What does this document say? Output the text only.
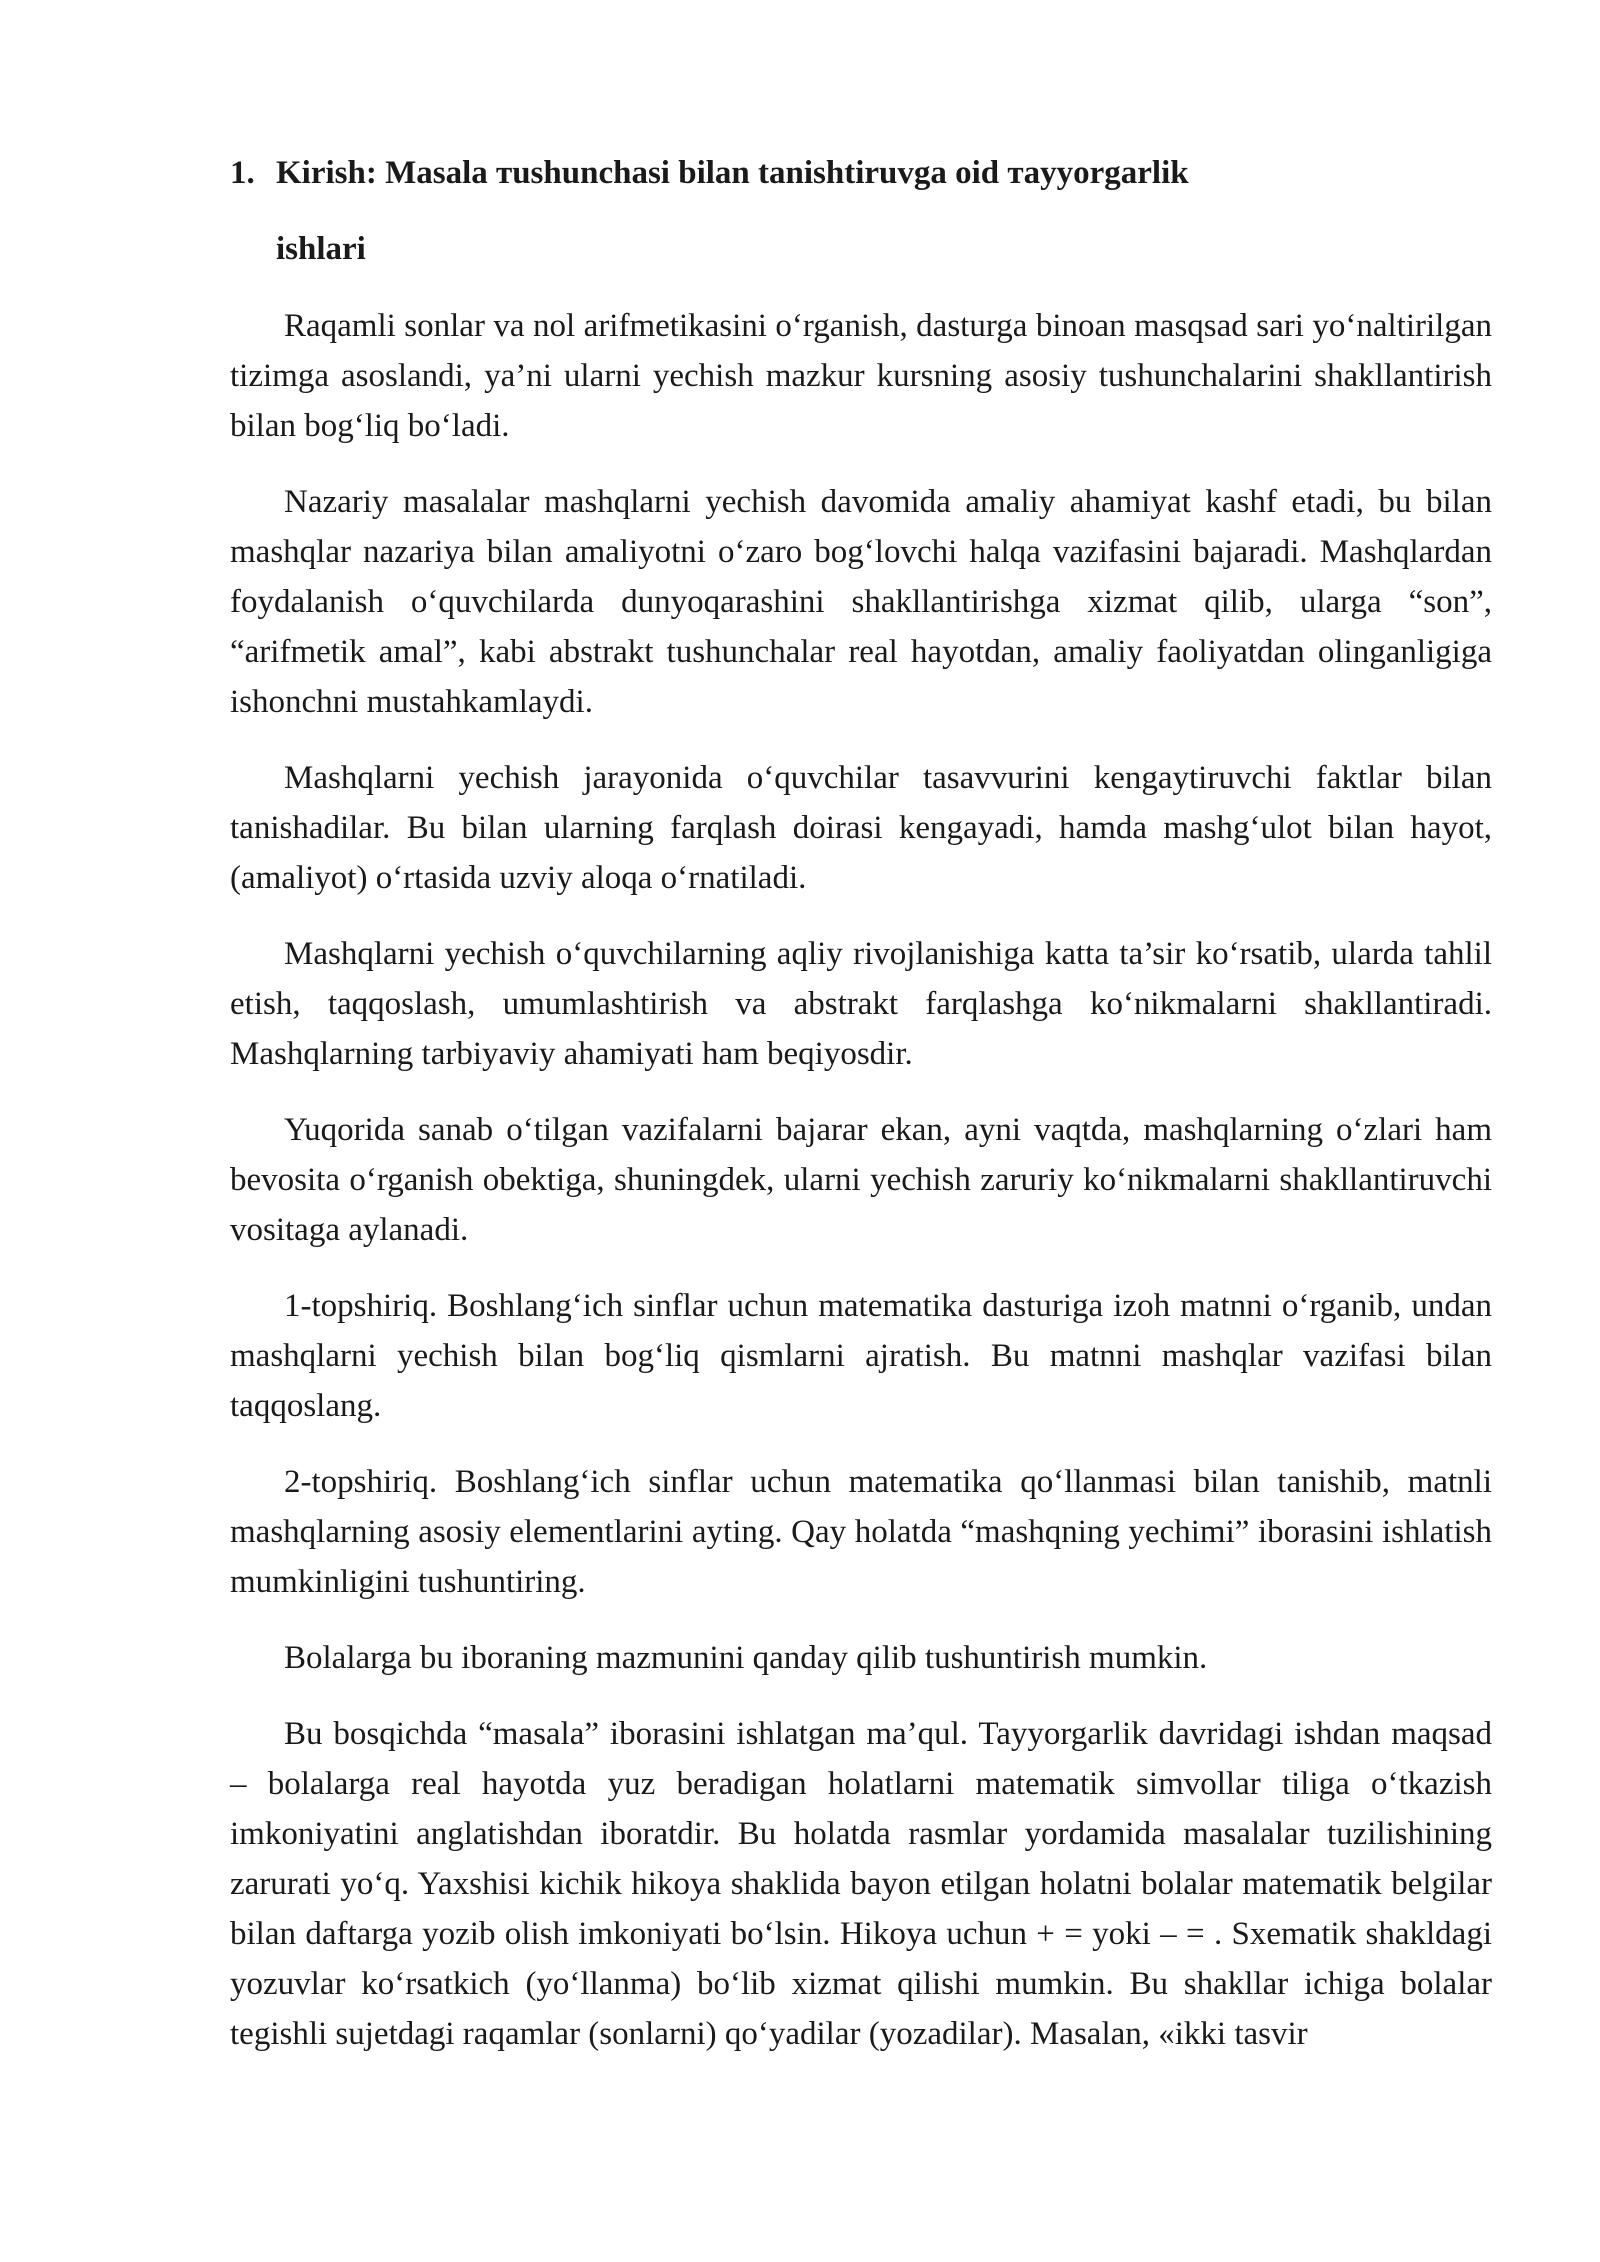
1. Kirish: Masala тushunchasi bilan tanishtiruvga oid тayyorgarlik
ishlari

Raqamli sonlar va nol arifmetikasini o‘rganish, dasturga binoan masqsad sari yo‘naltirilgan tizimga asoslandi, ya’ni ularni yechish mazkur kursning asosiy tushunchalarini shakllantirish bilan bog‘liq bo‘ladi.

Nazariy masalalar mashqlarni yechish davomida amaliy ahamiyat kashf etadi, bu bilan mashqlar nazariya bilan amaliyotni o‘zaro bog‘lovchi halqa vazifasini bajaradi. Mashqlardan foydalanish o‘quvchilarda dunyoqarashini shakllantirishga xizmat qilib, ularga “son”, “arifmetik amal”, kabi abstrakt tushunchalar real hayotdan, amaliy faoliyatdan olinganligiga ishonchni mustahkamlaydi.

Mashqlarni yechish jarayonida o‘quvchilar tasavvurini kengaytiruvchi faktlar bilan tanishadilar. Bu bilan ularning farqlash doirasi kengayadi, hamda mashg‘ulot bilan hayot, (amaliyot) o‘rtasida uzviy aloqa o‘rnatiladi.

Mashqlarni yechish o‘quvchilarning aqliy rivojlanishiga katta ta’sir ko‘rsatib, ularda tahlil etish, taqqoslash, umumlashtirish va abstrakt farqlashga ko‘nikmalarni shakllantiradi. Mashqlarning tarbiyaviy ahamiyati ham beqiyosdir.

Yuqorida sanab o‘tilgan vazifalarni bajarar ekan, ayni vaqtda, mashqlarning o‘zlari ham bevosita o‘rganish obektiga, shuningdek, ularni yechish zaruriy ko‘nikmalarni shakllantiruvchi vositaga aylanadi.

1-topshiriq. Boshlang‘ich sinflar uchun matematika dasturiga izoh matnni o‘rganib, undan mashqlarni yechish bilan bog‘liq qismlarni ajratish. Bu matnni mashqlar vazifasi bilan taqqoslang.

2-topshiriq. Boshlang‘ich sinflar uchun matematika qo‘llanmasi bilan tanishib, matnli mashqlarning asosiy elementlarini ayting. Qay holatda “mashqning yechimi” iborasini ishlatish mumkinligini tushuntiring.

Bolalarga bu iboraning mazmunini qanday qilib tushuntirish mumkin.

Bu bosqichda “masala” iborasini ishlatgan ma’qul. Tayyorgarlik davridagi ishdan maqsad – bolalarga real hayotda yuz beradigan holatlarni matematik simvollar tiliga o‘tkazish imkoniyatini anglatishdan iboratdir. Bu holatda rasmlar yordamida masalalar tuzilishining zarurati yo‘q. Yaxshisi kichik hikoya shaklida bayon etilgan holatni bolalar matematik belgilar bilan daftarga yozib olish imkoniyati bo‘lsin. Hikoya uchun + = yoki – = . Sxematik shakldagi yozuvlar ko‘rsatkich (yo‘llanma) bo‘lib xizmat qilishi mumkin. Bu shakllar ichiga bolalar tegishli sujetdagi raqamlar (sonlarni) qo‘yadilar (yozadilar). Masalan, «ikki tasvir
